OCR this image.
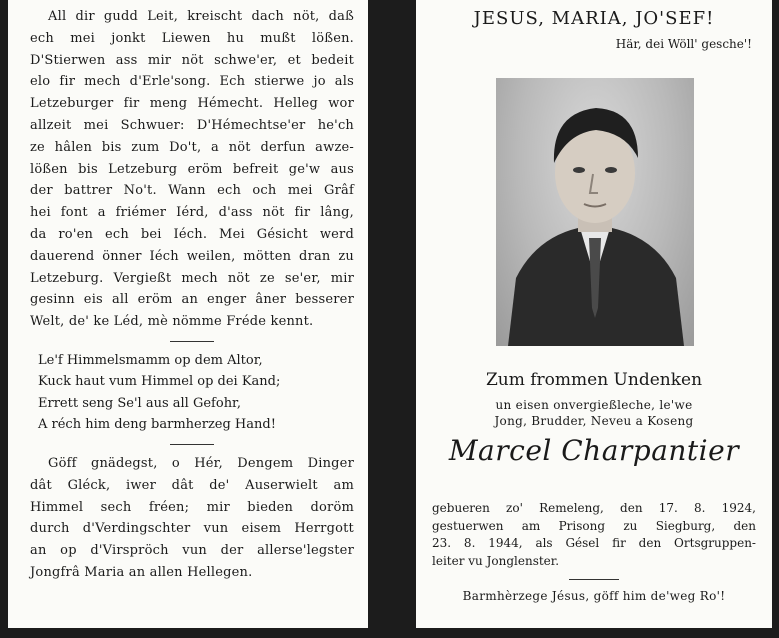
All dir gudd Leit, kreischt dach nöt, daß
ech mei jonkt Liewen hu mußt lößen.
D'Stierwen ass mir nöt schwe'er, et bedeit
elo fir mech d'Erle'song. Ech stierwe jo als
Letzeburger fir meng Hémecht. Helleg wor
allzeit mei Schwuer: D'Hémechtse'er he'ch
ze hâlen bis zum Do't, a nöt derfun awze-
lößen bis Letzeburg eröm befreit ge'w aus
der battrer No't. Wann ech och mei Grâf
hei font a friémer Iérd, d'ass nöt fir lâng,
da ro'en ech bei Iéch. Mei Gésicht werd
dauerend önner Iéch weilen, mötten dran zu
Letzeburg. Vergießt mech nöt ze se'er, mir
gesinn eis all eröm an enger âner besserer
Welt, de' ke Léd, mè nömme Fréde kennt.

Le'f Himmelsmamm op dem Altor,
Kuck haut vum Himmel op dei Kand;
Errett seng Se'l aus all Gefohr,
A réch him deng barmherzeg Hand!

Göff gnädegst, o Hér, Dengem Dinger
dât Gléck, iwer dât de' Auserwielt am
Himmel sech fréen; mir bieden doröm
durch d'Verdingschter vun eisem Herrgott
an op d'Virspröch vun der allerse'legster
Jongfrâ Maria an allen Hellegen.

JESUS, MARIA, JO'SEF!
Här, dei Wöll' gesche'!
Zum frommen Undenken
un eisen onvergießleche, le'we
Jong, Brudder, Neveu a Koseng
Marcel Charpantier

gebueren zo' Remeleng, den 17. 8. 1924,
gestuerwen am Prisong zu Siegburg, den
23. 8. 1944, als Gésel fir den Ortsgruppen-
leiter vu Jonglenster.

Barmhèrzege Jésus, göff him de'weg Ro'!
